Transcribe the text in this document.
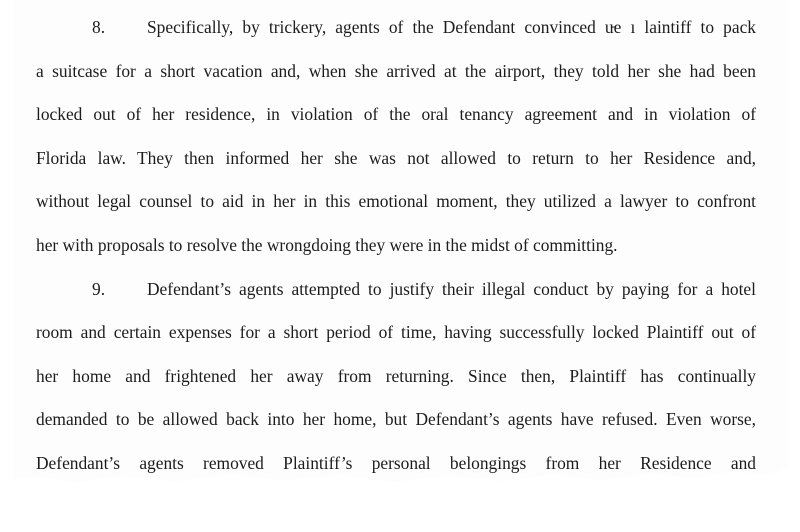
8. Specifically, by trickery, agents of the Defendant convinced u̵e ı laintiff to pack
a suitcase for a short vacation and, when she arrived at the airport, they told her she had been
locked out of her residence, in violation of the oral tenancy agreement and in violation of
Florida law. They then informed her she was not allowed to return to her Residence and,
without legal counsel to aid in her in this emotional moment, they utilized a lawyer to confront
her with proposals to resolve the wrongdoing they were in the midst of committing.
9. Defendant’s agents attempted to justify their illegal conduct by paying for a hotel
room and certain expenses for a short period of time, having successfully locked Plaintiff out of
her home and frightened her away from returning. Since then, Plaintiff has continually
demanded to be allowed back into her home, but Defendant’s agents have refused. Even worse,
Defendant’s agents removed Plaintiff’s personal belongings from her Residence and
